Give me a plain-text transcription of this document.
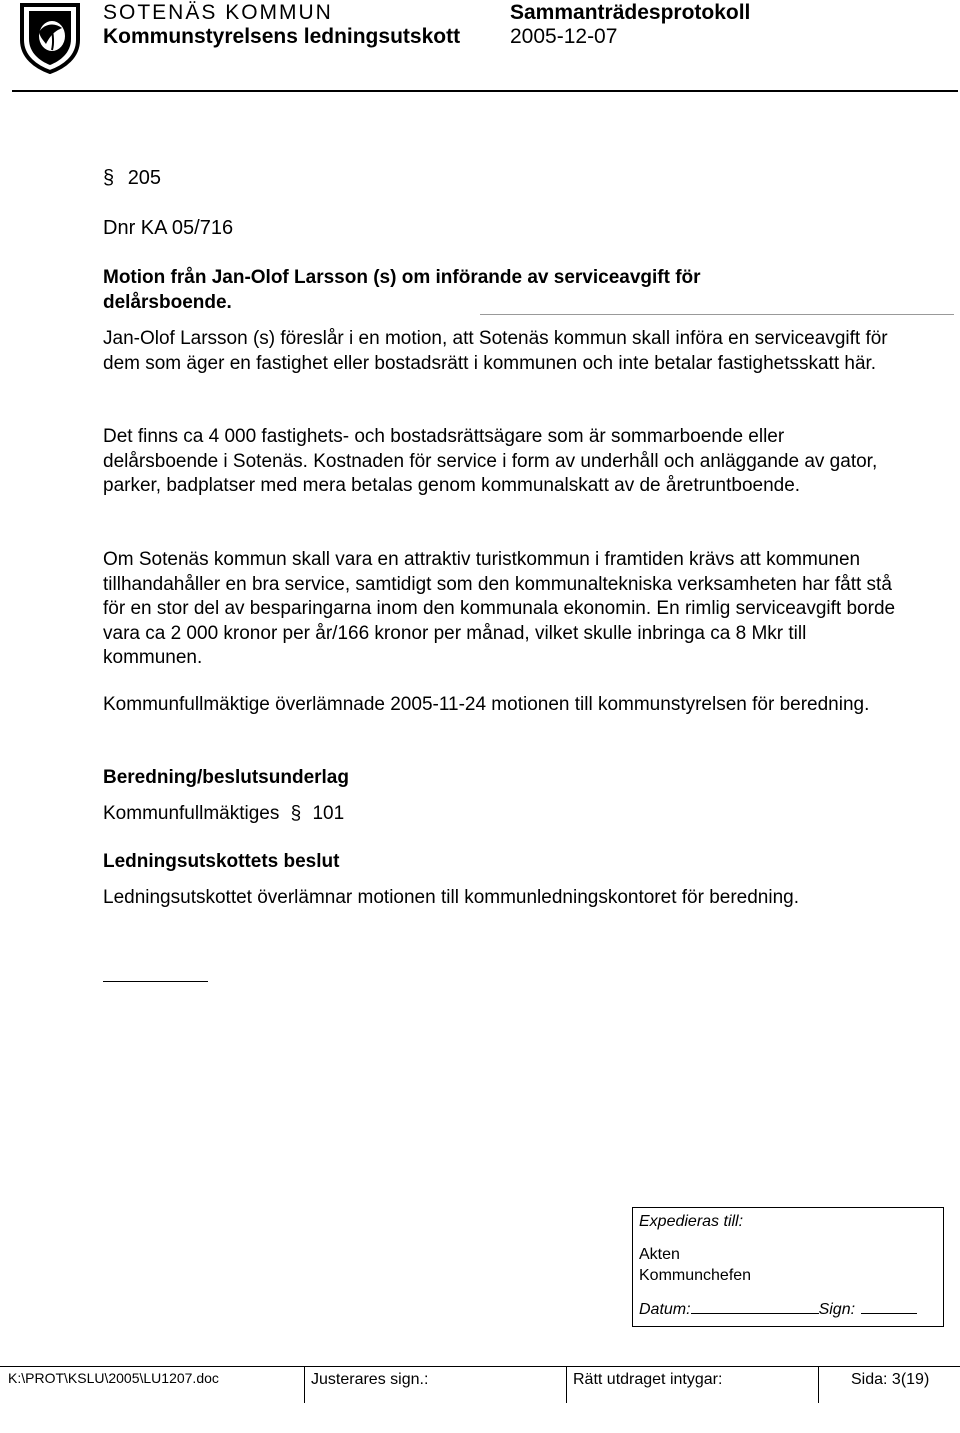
SOTENÄS KOMMUN
Kommunstyrelsens ledningsutskott
Sammanträdesprotokoll
2005-12-07
§ 205
Dnr KA 05/716
Motion från Jan-Olof Larsson (s) om införande av serviceavgift för delårsboende.
Jan-Olof Larsson (s) föreslår i en motion, att Sotenäs kommun skall införa en serviceavgift för dem som äger en fastighet eller bostadsrätt i kommunen och inte betalar fastighetsskatt här.
Det finns ca 4 000 fastighets- och bostadsrättsägare som är sommarboende eller delårsboende i Sotenäs. Kostnaden för service i form av underhåll och anläggande av gator, parker, badplatser med mera betalas genom kommunalskatt av de åretruntboende.
Om Sotenäs kommun skall vara en attraktiv turistkommun i framtiden krävs att kommunen tillhandahåller en bra service, samtidigt som den kommunaltekniska verksamheten har fått stå för en stor del av besparingarna inom den kommunala ekonomin. En rimlig serviceavgift borde vara ca 2 000 kronor per år/166 kronor per månad, vilket skulle inbringa ca 8 Mkr till kommunen.
Kommunfullmäktige överlämnade 2005-11-24 motionen till kommunstyrelsen för beredning.
Beredning/beslutsunderlag
Kommunfullmäktiges § 101
Ledningsutskottets beslut
Ledningsutskottet överlämnar motionen till kommunledningskontoret för beredning.
Expedieras till:
Akten
Kommunchefen
Datum:	Sign:
K:\PROT\KSLU\2005\LU1207.doc	Justerares sign.:	Rätt utdraget intygar:	Sida: 3(19)
